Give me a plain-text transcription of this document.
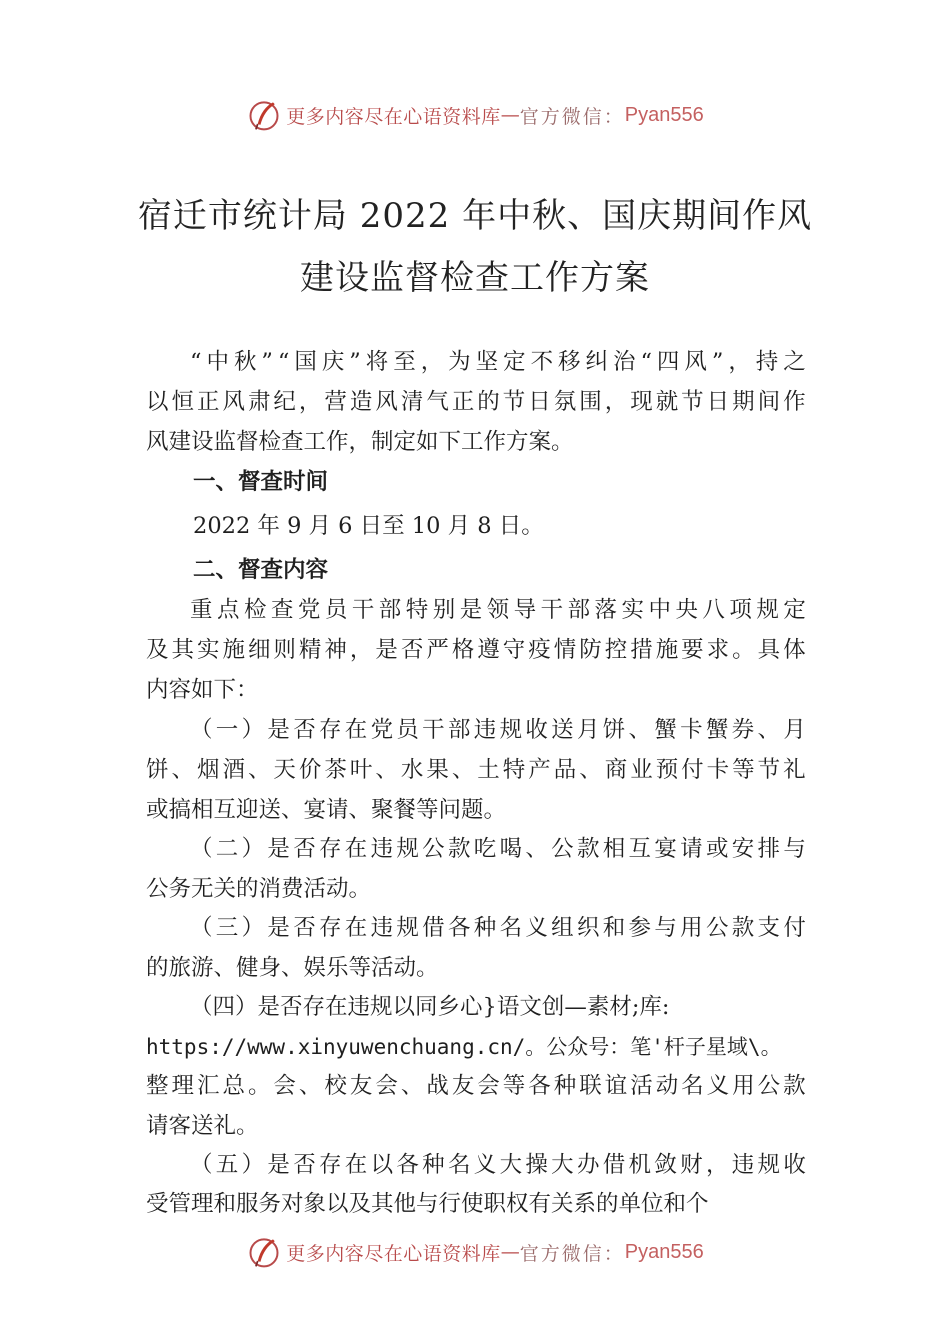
更多内容尽在心语资料库 — 官方微信： Pyan556
宿迁市统计局 2022 年中秋、国庆期间作风
建设监督检查工作方案
“ 中 秋 ” “ 国 庆 ” 将 至 ， 为 坚 定 不 移 纠 治 “ 四 风 ” ， 持 之
以 恒 正 风 肃 纪 ， 营 造 风 清 气 正 的 节 日 氛 围 ， 现 就 节 日 期 间 作
风建设监督检查工作，制定如下工作方案。
一、督查时间
2022 年 9 月 6 日至 10 月 8 日。
二、督查内容
重 点 检 查 党 员 干 部 特 别 是 领 导 干 部 落 实 中 央 八 项 规 定
及 其 实 施 细 则 精 神 ， 是 否 严 格 遵 守 疫 情 防 控 措 施 要 求 。 具 体
内容如下：
（ 一 ） 是 否 存 在 党 员 干 部 违 规 收 送 月 饼 、 蟹 卡 蟹 券 、 月
饼 、 烟 酒 、 天 价 茶 叶 、 水 果 、 土 特 产 品 、 商 业 预 付 卡 等 节 礼
或搞相互迎送、宴请、聚餐等问题。
（ 二 ） 是 否 存 在 违 规 公 款 吃 喝 、 公 款 相 互 宴 请 或 安 排 与
公务无关的消费活动。
（ 三 ） 是 否 存 在 违 规 借 各 种 名 义 组 织 和 参 与 用 公 款 支 付
的旅游、健身、娱乐等活动。
（四）是否存在违规以同乡心}语文创—素材;库:
https://www.xinyuwenchuang.cn/。公众号：笔'杆子星域\。
整 理 汇 总 。 会 、 校 友 会 、 战 友 会 等 各 种 联 谊 活 动 名 义 用 公 款
请客送礼。
（ 五 ） 是 否 存 在 以 各 种 名 义 大 操 大 办 借 机 敛 财 ， 违 规 收
受管理和服务对象以及其他与行使职权有关系的单位和个
更多内容尽在心语资料库 — 官方微信： Pyan556
